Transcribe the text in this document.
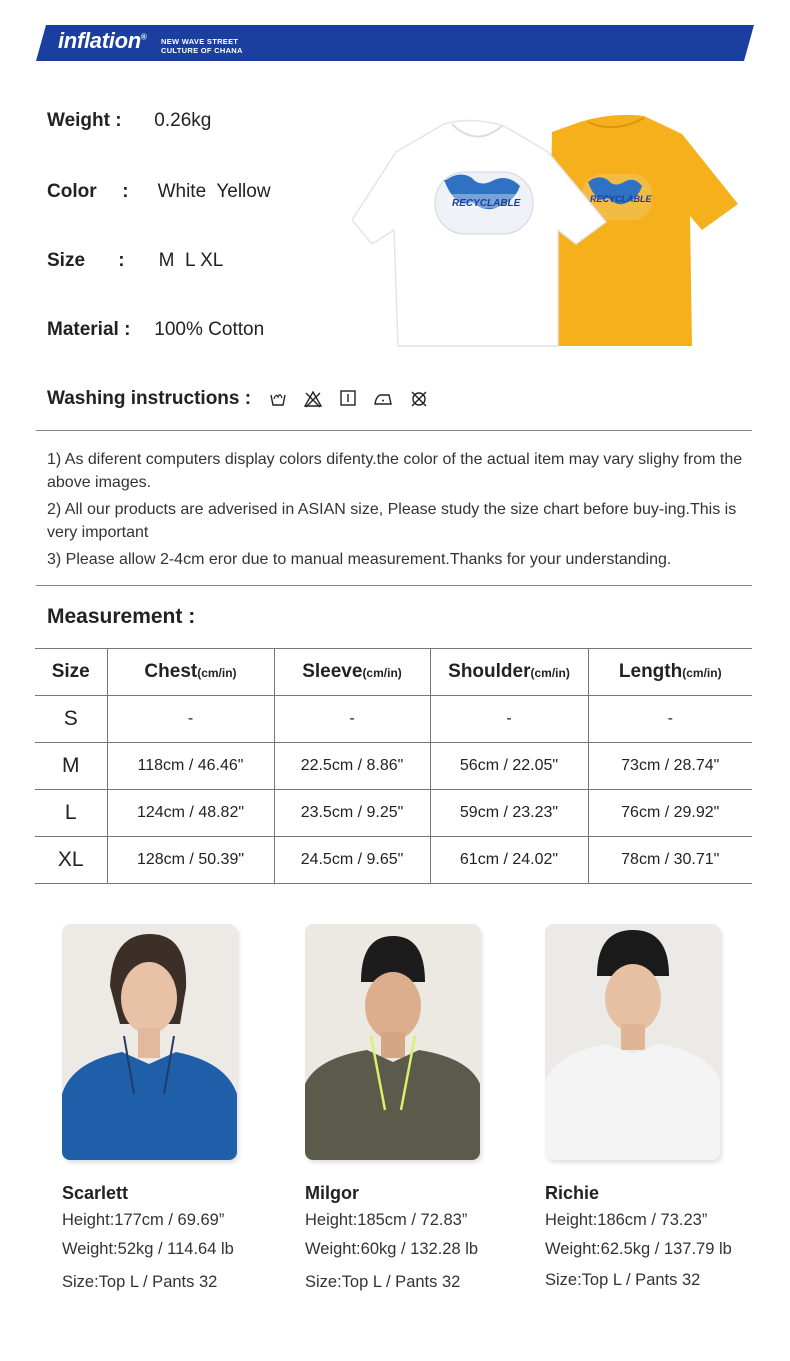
inflation® NEW WAVE STREET
CULTURE OF CHANA
Weight : 0.26kg
Color : White  Yellow
Size : M  L XL
Material : 100% Cotton
RECYCLABLE
RECYCLABLE
Washing instructions :

1) As diferent computers display colors difenty.the color of the actual item may vary slighy from the above images.

2) All our products are adverised in ASIAN size, Please study the size chart before buy-ing.This is very important

3) Please allow 2-4cm eror due to manual measurement.Thanks for your understanding.

Measurement :
Size	Chest(cm/in)	Sleeve(cm/in)	Shoulder(cm/in)	Length(cm/in)
S	-	-	-	-
M	118cm / 46.46"	22.5cm / 8.86"	56cm / 22.05"	73cm / 28.74"
L	124cm / 48.82"	23.5cm / 9.25"	59cm / 23.23"	76cm / 29.92"
XL	128cm / 50.39"	24.5cm / 9.65"	61cm / 24.02"	78cm / 30.71"
Scarlett
Height:177cm / 69.69”
Weight:52kg / 114.64 lb
Size:Top L / Pants 32
Milgor
Height:185cm / 72.83”
Weight:60kg / 132.28 lb
Size:Top L / Pants 32
Richie
Height:186cm / 73.23”
Weight:62.5kg / 137.79 lb
Size:Top L / Pants 32
